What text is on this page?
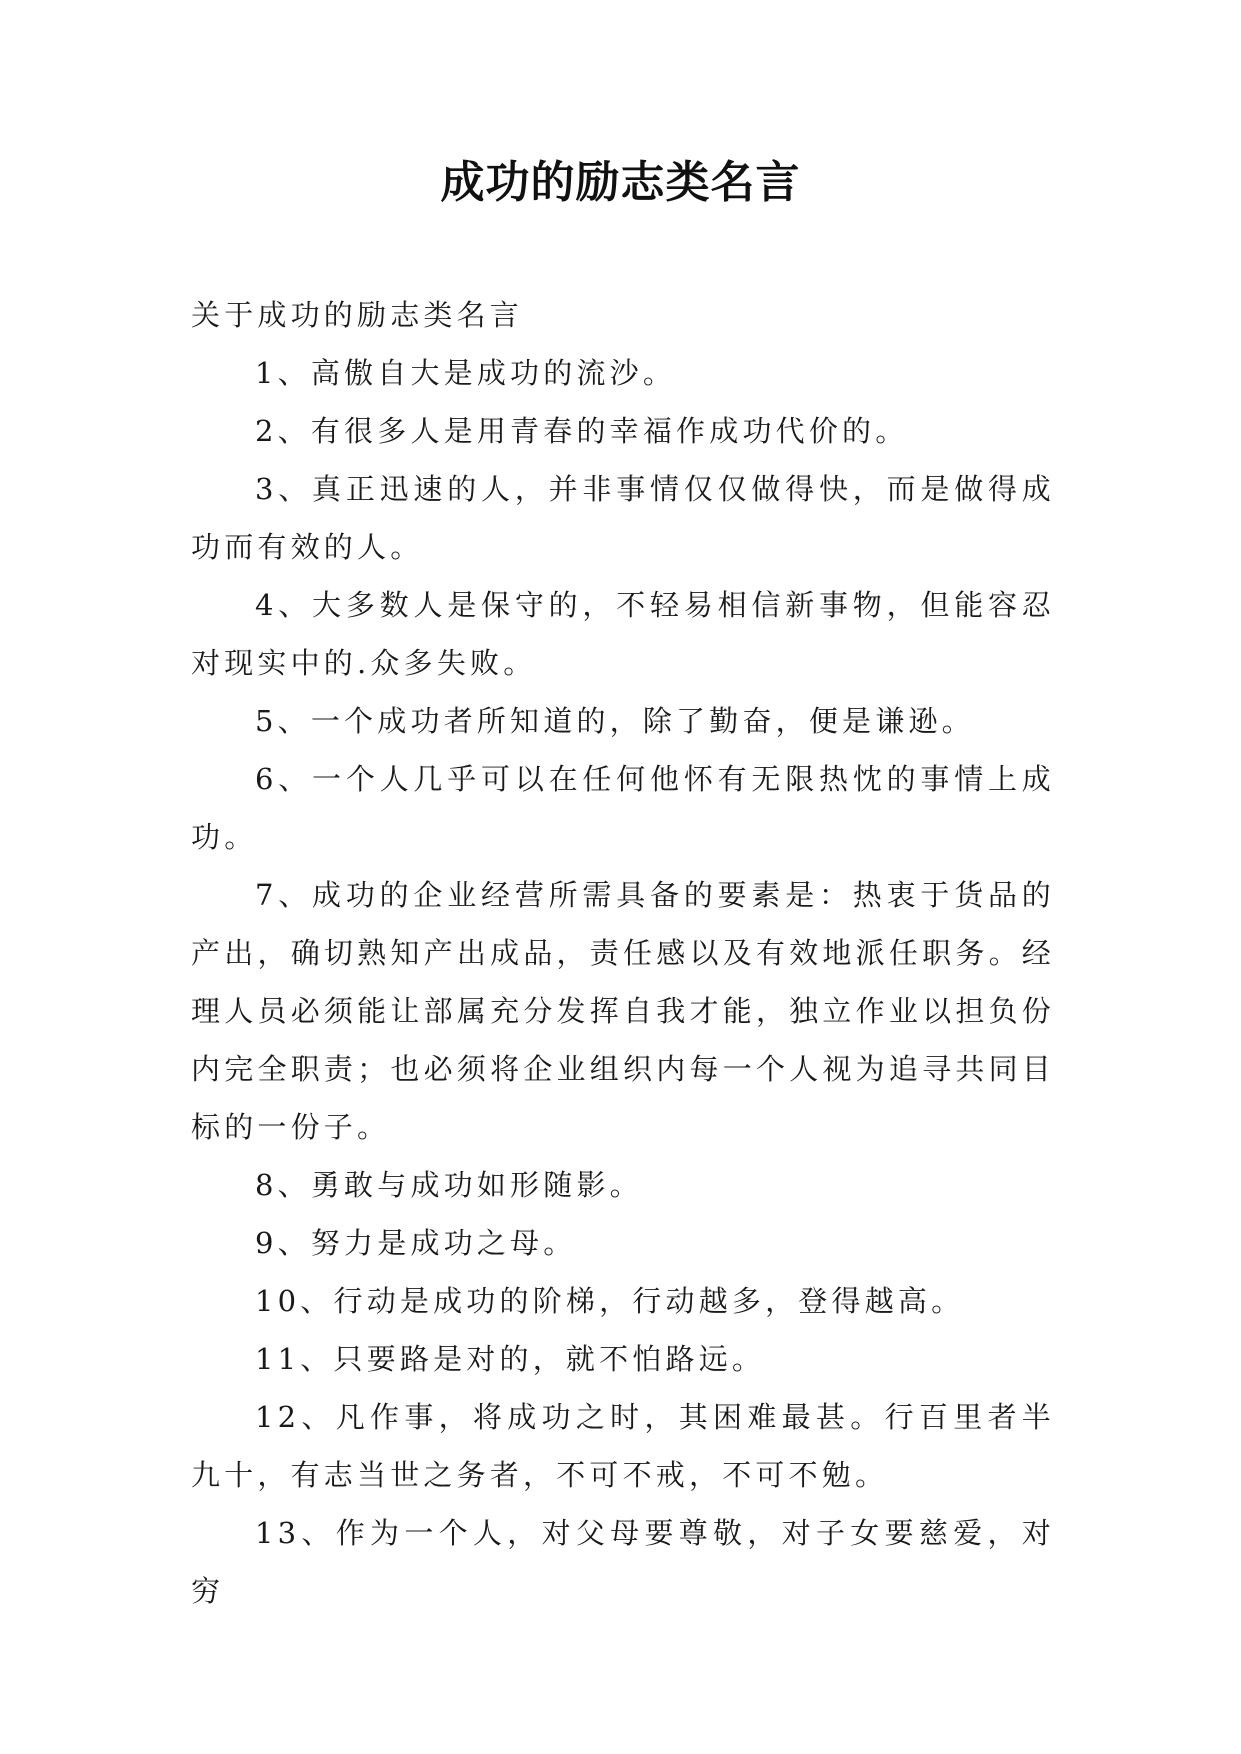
成功的励志类名言

关于成功的励志类名言

1、高傲自大是成功的流沙。

2、有很多人是用青春的幸福作成功代价的。

3、真正迅速的人，并非事情仅仅做得快，而是做得成功而有效的人。

4、大多数人是保守的，不轻易相信新事物，但能容忍对现实中的.众多失败。

5、一个成功者所知道的，除了勤奋，便是谦逊。

6、一个人几乎可以在任何他怀有无限热忱的事情上成功。

7、成功的企业经营所需具备的要素是：热衷于货品的产出，确切熟知产出成品，责任感以及有效地派任职务。经理人员必须能让部属充分发挥自我才能，独立作业以担负份内完全职责；也必须将企业组织内每一个人视为追寻共同目标的一份子。

8、勇敢与成功如形随影。

9、努力是成功之母。

10、行动是成功的阶梯，行动越多，登得越高。

11、只要路是对的，就不怕路远。

12、凡作事，将成功之时，其困难最甚。行百里者半九十，有志当世之务者，不可不戒，不可不勉。

13、作为一个人，对父母要尊敬，对子女要慈爱，对穷
